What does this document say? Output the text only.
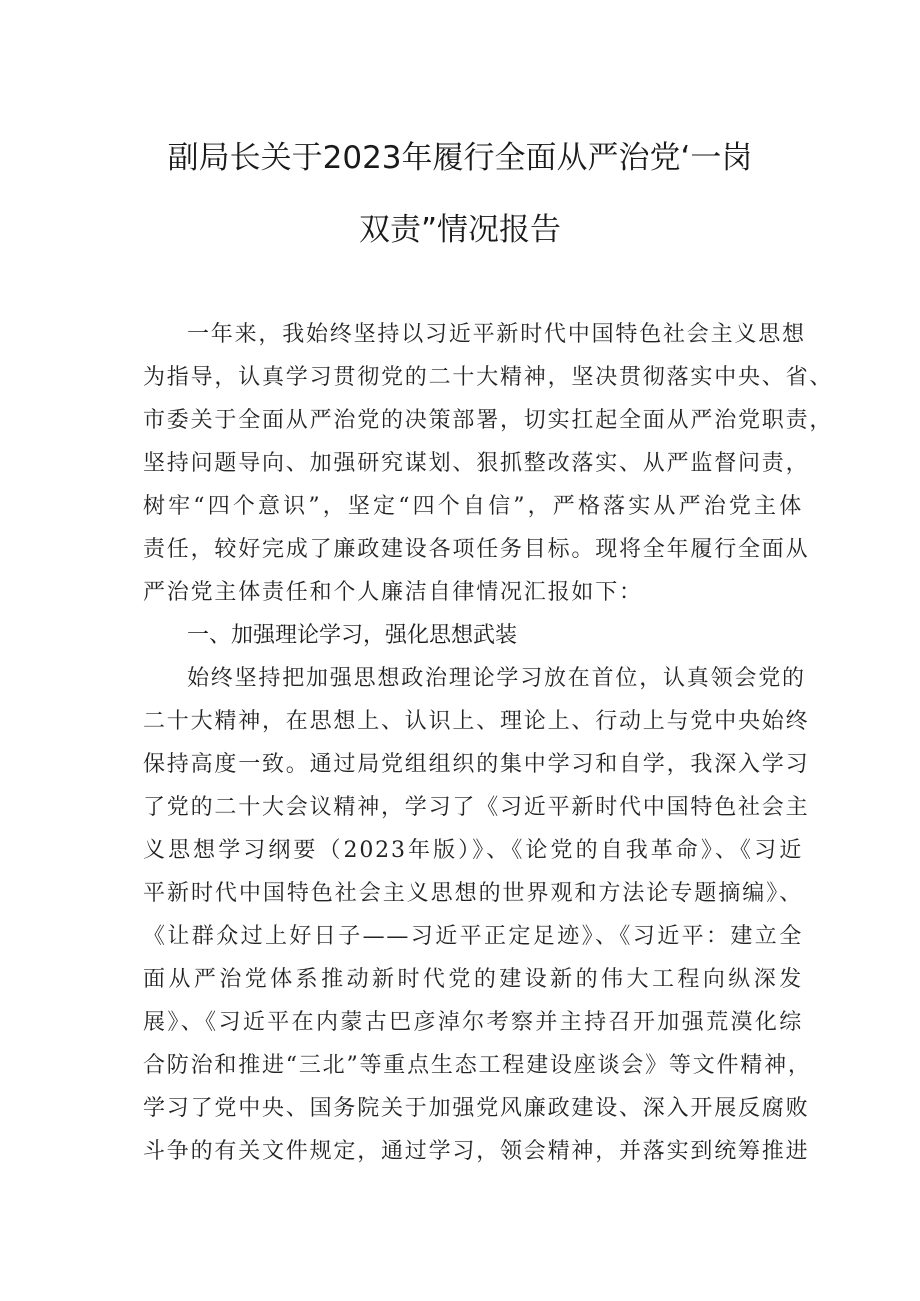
副局长关于2023年履行全面从严治党‘一岗
双责”情况报告
一年来，我始终坚持以习近平新时代中国特色社会主义思想
为指导，认真学习贯彻党的二十大精神，坚决贯彻落实中央、省、
市委关于全面从严治党的决策部署，切实扛起全面从严治党职责，
坚持问题导向、加强研究谋划、狠抓整改落实、从严监督问责，
树牢“四个意识”，坚定“四个自信”，严格落实从严治党主体
责任，较好完成了廉政建设各项任务目标。现将全年履行全面从
严治党主体责任和个人廉洁自律情况汇报如下：
一、加强理论学习，强化思想武装
始终坚持把加强思想政治理论学习放在首位，认真领会党的
二十大精神，在思想上、认识上、理论上、行动上与党中央始终
保持高度一致。通过局党组组织的集中学习和自学，我深入学习
了党的二十大会议精神，学习了《习近平新时代中国特色社会主
义思想学习纲要（2023年版）》、《论党的自我革命》、《习近
平新时代中国特色社会主义思想的世界观和方法论专题摘编》、
《让群众过上好日子——习近平正定足迹》、《习近平：建立全
面从严治党体系推动新时代党的建设新的伟大工程向纵深发
展》、《习近平在内蒙古巴彦淖尔考察并主持召开加强荒漠化综
合防治和推进“三北”等重点生态工程建设座谈会》等文件精神，
学习了党中央、国务院关于加强党风廉政建设、深入开展反腐败
斗争的有关文件规定，通过学习，领会精神，并落实到统筹推进
